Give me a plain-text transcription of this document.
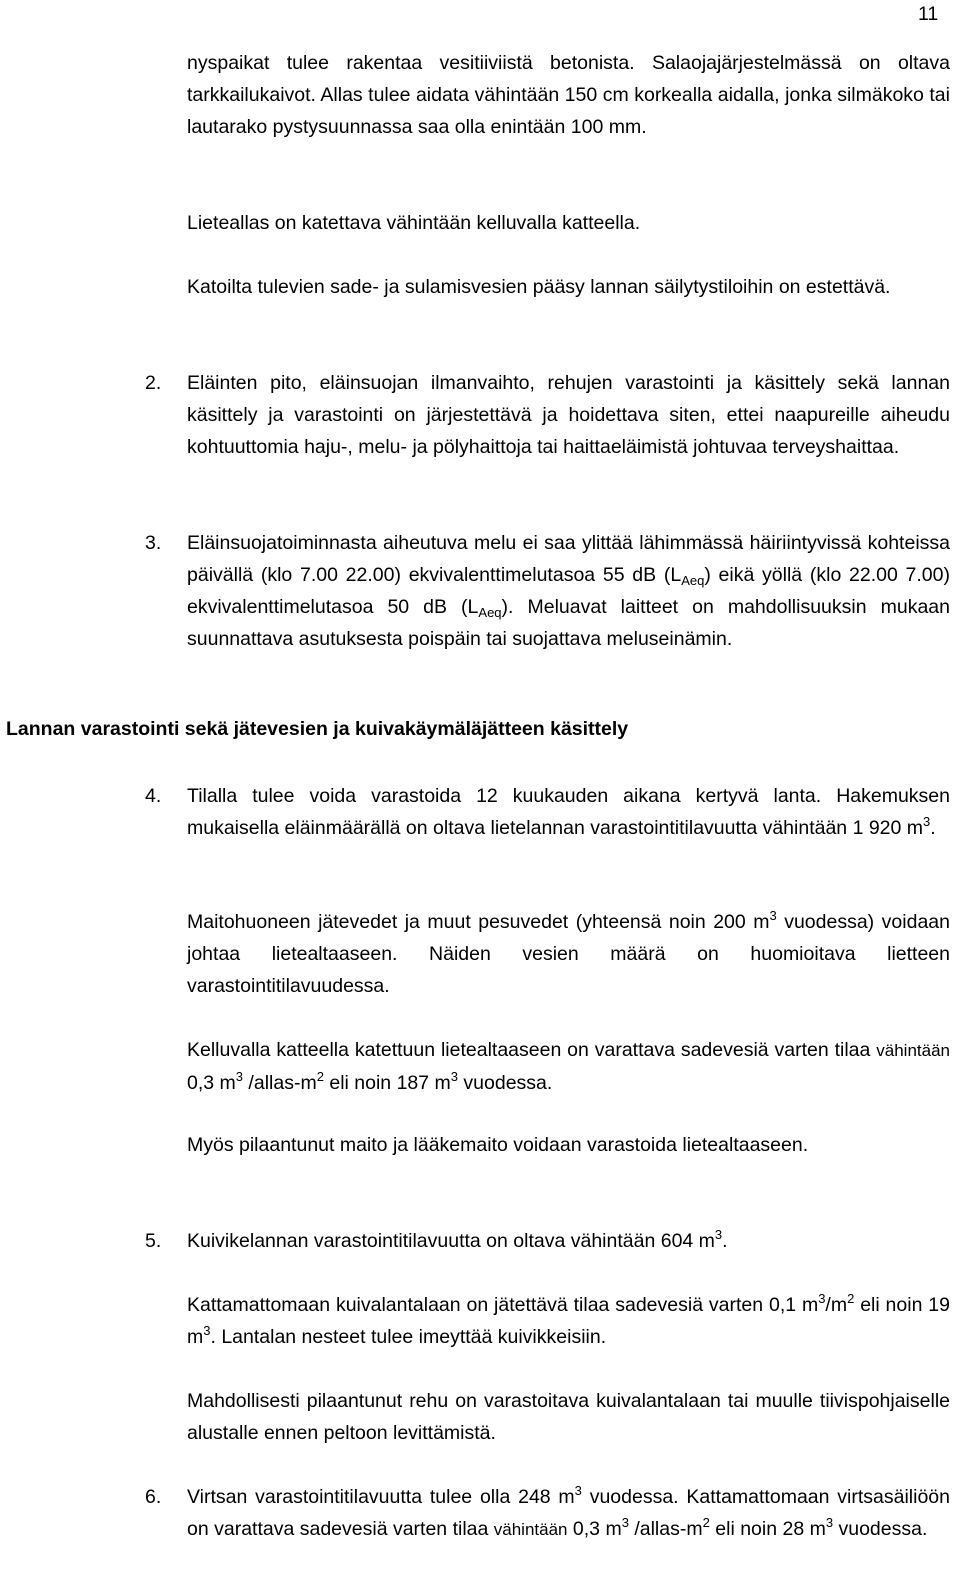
11

nyspaikat tulee rakentaa vesitiiviistä betonista. Salaojajärjestelmässä on oltava tarkkailukaivot. Allas tulee aidata vähintään 150 cm korkealla aidalla, jonka silmäkoko tai lautarako pystysuunnassa saa olla enintään 100 mm.

Lieteallas on katettava vähintään kelluvalla katteella.

Katoilta tulevien sade- ja sulamisvesien pääsy lannan säilytystiloihin on estettävä.

2.	Eläinten pito, eläinsuojan ilmanvaihto, rehujen varastointi ja käsittely sekä lannan käsittely ja varastointi on järjestettävä ja hoidettava siten, ettei naapureille aiheudu kohtuuttomia haju-, melu- ja pölyhaittoja tai haittaeläimistä johtuvaa terveyshaittaa.

3.	Eläinsuojatoiminnasta aiheutuva melu ei saa ylittää lähimmässä häiriintyvissä kohteissa päivällä (klo 7.00 22.00) ekvivalenttimelutasoa 55 dB $(L_{Aeq})$ eikä yöllä (klo 22.00 7.00) ekvivalenttimelutasoa 50 dB $(L_{Aeq})$. Meluavat laitteet on mahdollisuuksin mukaan suunnattava asutuksesta poispäin tai suojattava meluseinämin.

Lannan varastointi sekä jätevesien ja kuivakäymäläjätteen käsittely

4.	Tilalla tulee voida varastoida 12 kuukauden aikana kertyvä lanta. Hakemuksen mukaisella eläinmäärällä on oltava lietelannan varastointitilavuutta vähintään 1 920 $m^3$.

Maitohuoneen jätevedet ja muut pesuvedet (yhteensä noin 200 $m^3$ vuodessa) voidaan johtaa lietealtaaseen. Näiden vesien määrä on huomioitava lietteen varastointitilavuudessa.

Kelluvalla katteella katettuun lietealtaaseen on varattava sadevesiä varten tilaa vähintään 0,3 $m^3$ $/allas-m^2$ eli noin 187 $m^3$ vuodessa.

Myös pilaantunut maito ja lääkemaito voidaan varastoida lietealtaaseen.

5.	Kuivikelannan varastointitilavuutta on oltava vähintään 604 $m^3$.

Kattamattomaan kuivalantalaan on jätettävä tilaa sadevesiä varten 0,1 $m^3/m^2$ eli noin 19 $m^3$. Lantalan nesteet tulee imeyttää kuivikkeisiin.

Mahdollisesti pilaantunut rehu on varastoitava kuivalantalaan tai muulle tiivispohjaiselle alustalle ennen peltoon levittämistä.

6.	Virtsan varastointitilavuutta tulee olla 248 $m^3$ vuodessa. Kattamattomaan virtsasäiliöön on varattava sadevesiä varten tilaa vähintään 0,3 $m^3$ $/allas-m^2$ eli noin 28 $m^3$ vuodessa.
